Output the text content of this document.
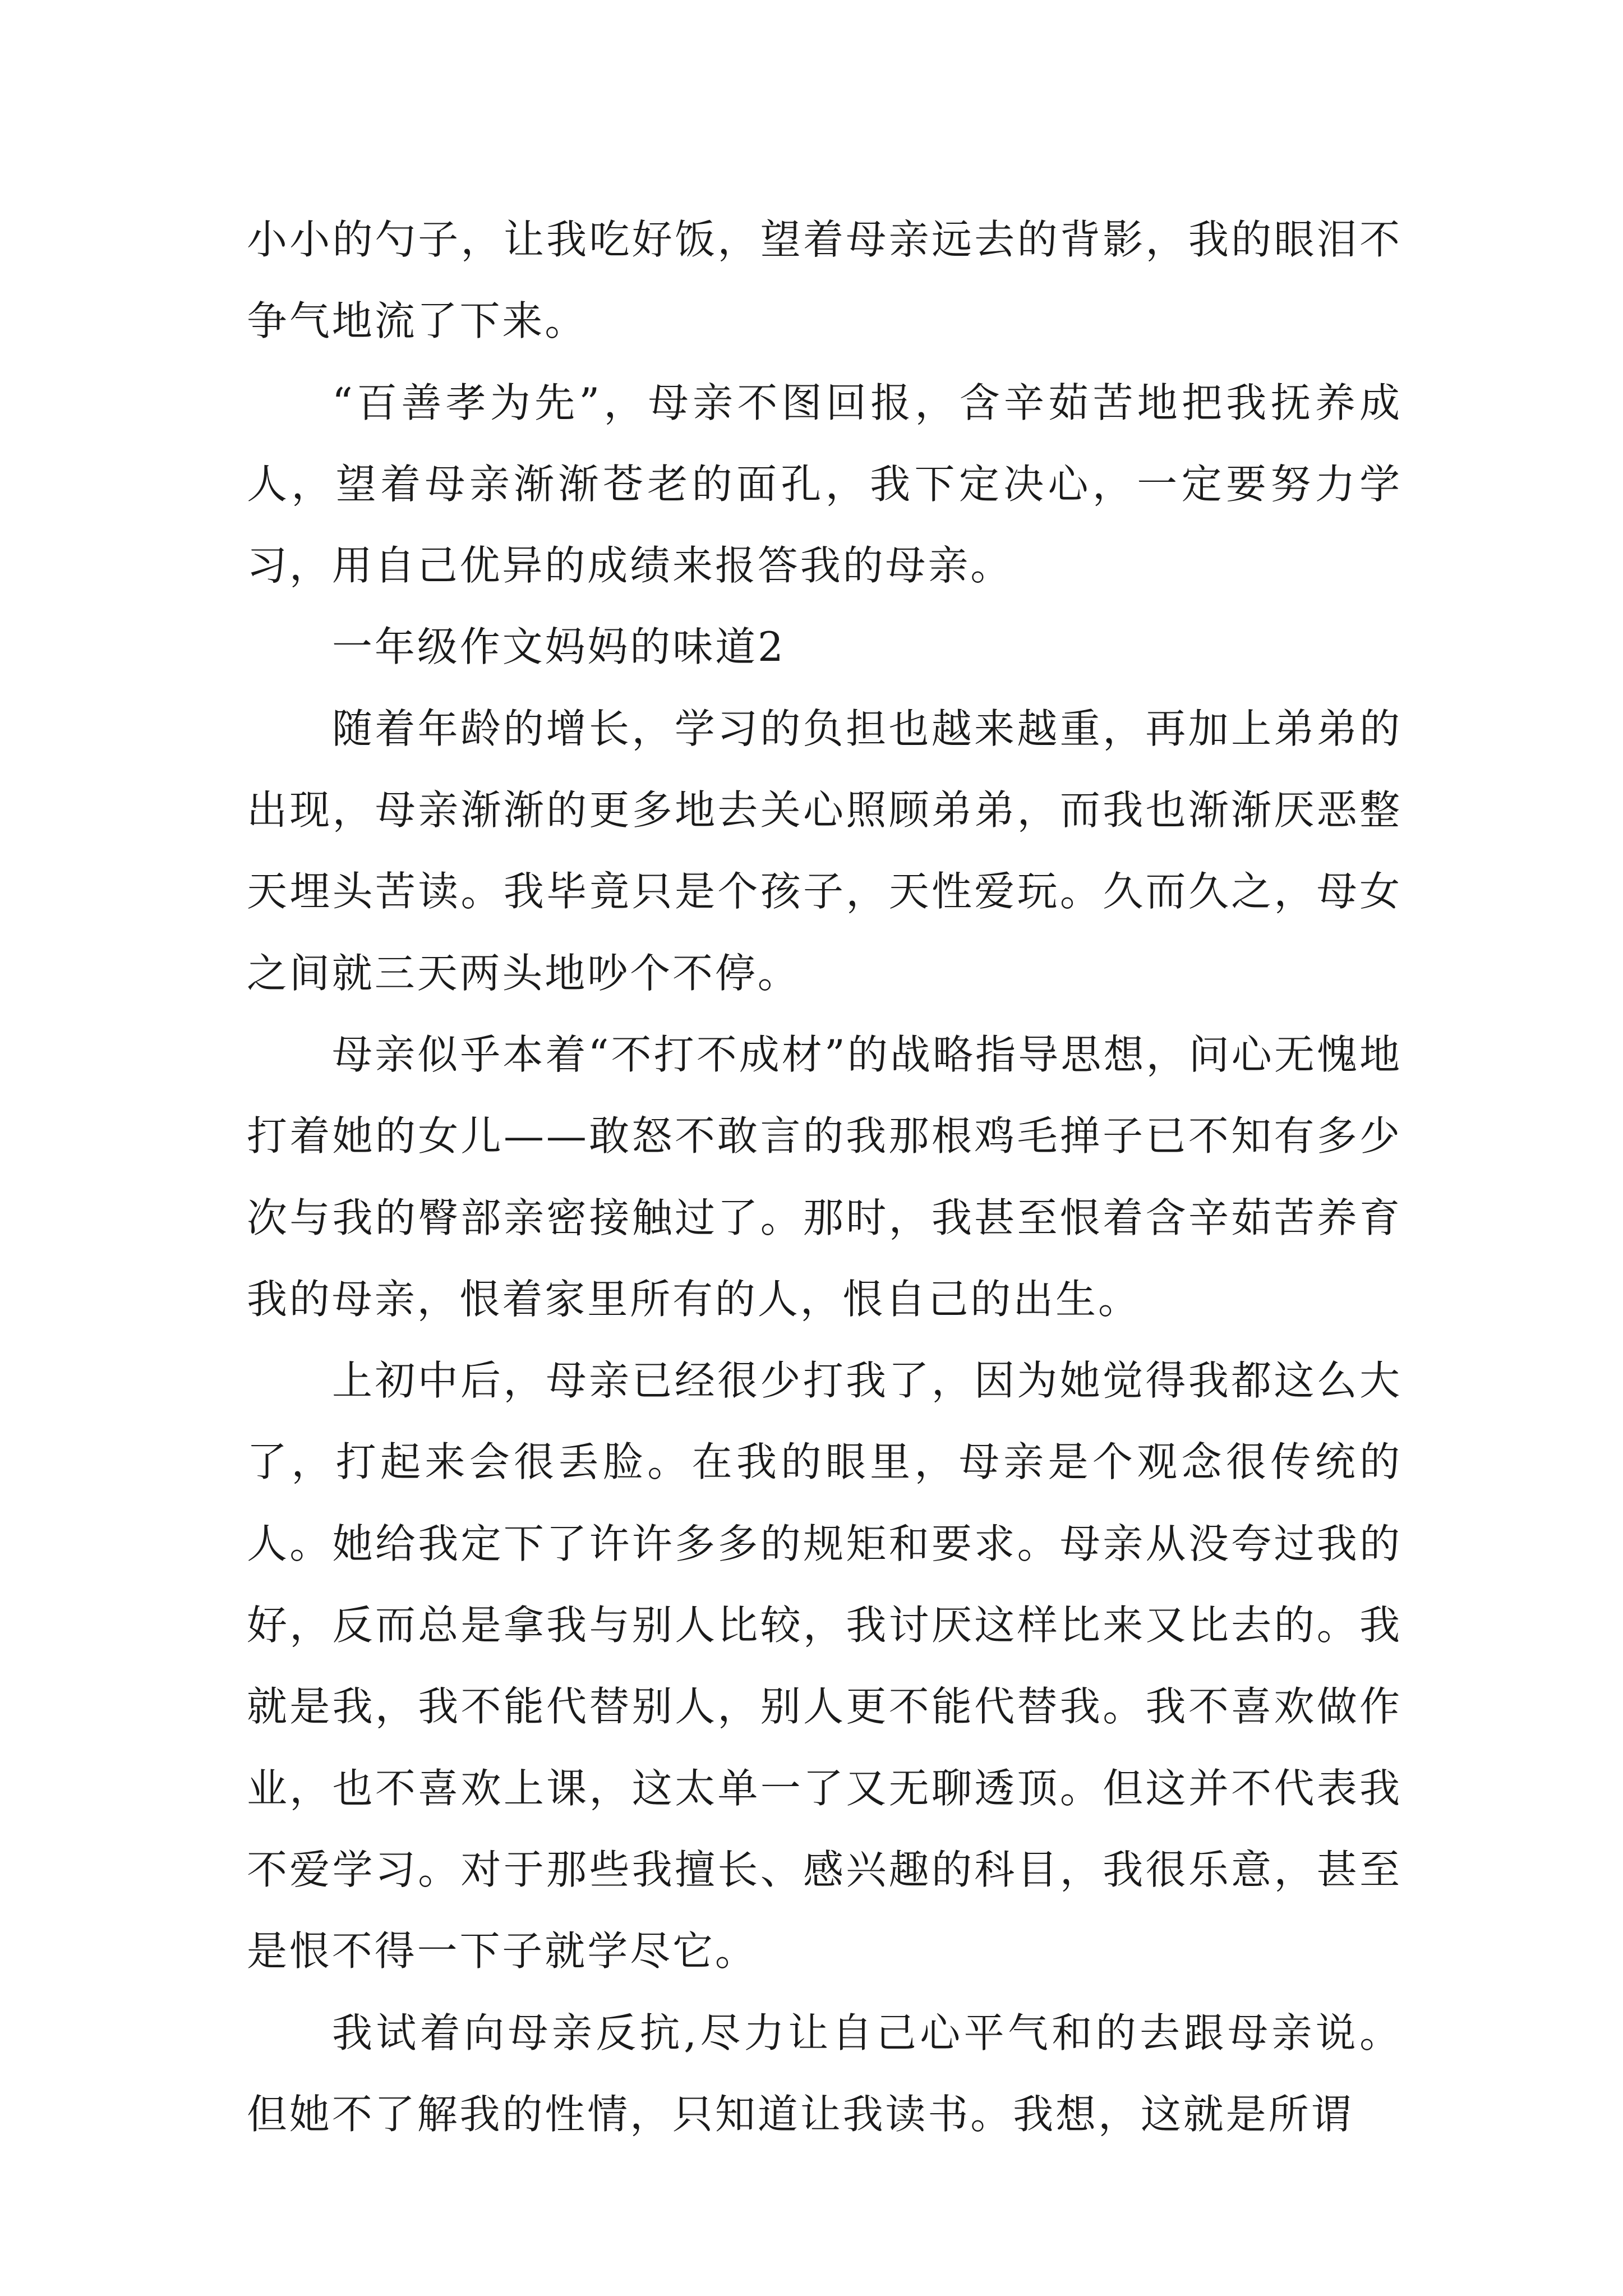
小小的勺子，让我吃好饭，望着母亲远去的背影，我的眼泪不争气地流了下来。

“百善孝为先”，母亲不图回报，含辛茹苦地把我抚养成人，望着母亲渐渐苍老的面孔，我下定决心，一定要努力学习，用自己优异的成绩来报答我的母亲。

一年级作文妈妈的味道2

随着年龄的增长，学习的负担也越来越重，再加上弟弟的出现，母亲渐渐的更多地去关心照顾弟弟，而我也渐渐厌恶整天埋头苦读。我毕竟只是个孩子，天性爱玩。久而久之，母女之间就三天两头地吵个不停。

母亲似乎本着“不打不成材”的战略指导思想，问心无愧地打着她的女儿——敢怒不敢言的我那根鸡毛掸子已不知有多少次与我的臀部亲密接触过了。那时，我甚至恨着含辛茹苦养育我的母亲，恨着家里所有的人，恨自己的出生。

上初中后，母亲已经很少打我了，因为她觉得我都这么大了，打起来会很丢脸。在我的眼里，母亲是个观念很传统的人。她给我定下了许许多多的规矩和要求。母亲从没夸过我的好，反而总是拿我与别人比较，我讨厌这样比来又比去的。我就是我，我不能代替别人，别人更不能代替我。我不喜欢做作业，也不喜欢上课，这太单一了又无聊透顶。但这并不代表我不爱学习。对于那些我擅长、感兴趣的科目，我很乐意，甚至是恨不得一下子就学尽它。

我试着向母亲反抗,尽力让自己心平气和的去跟母亲说。但她不了解我的性情，只知道让我读书。我想，这就是所谓
